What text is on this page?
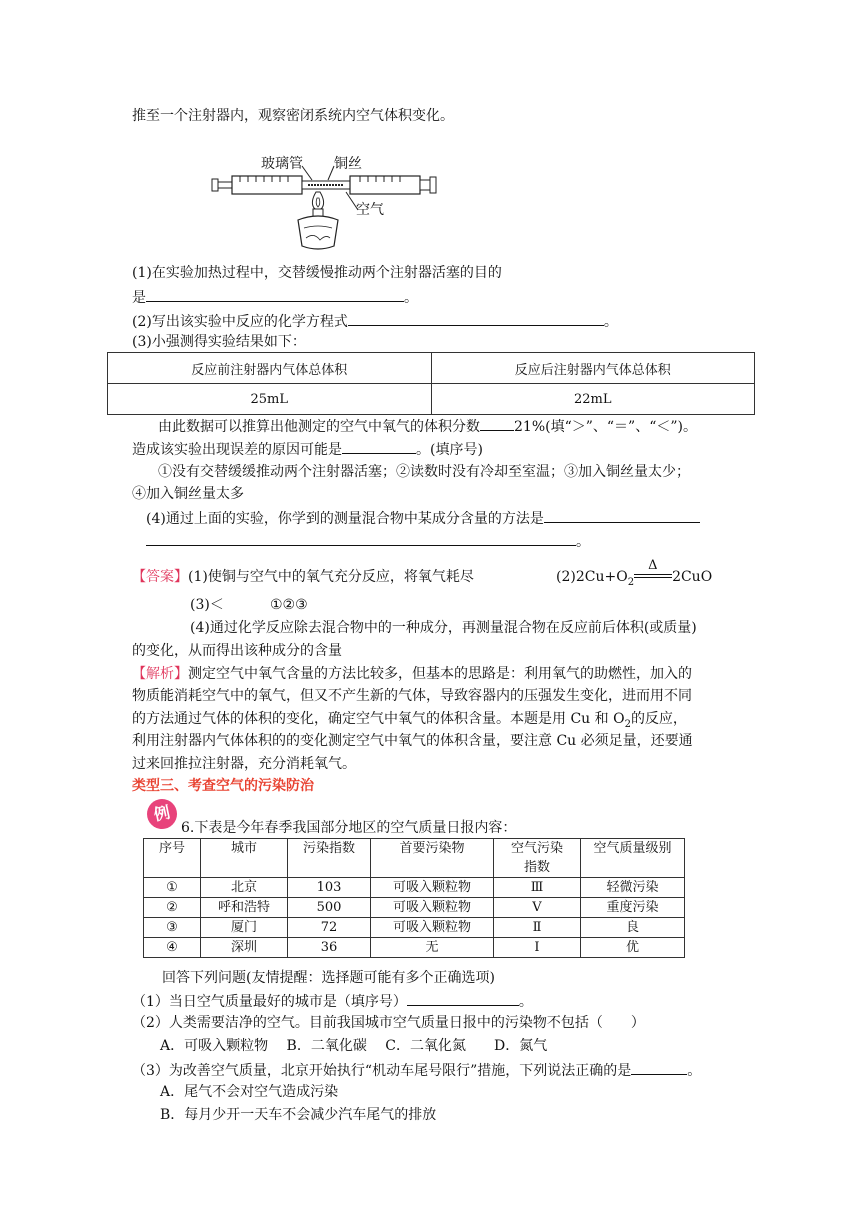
推至一个注射器内，观察密闭系统内空气体积变化。
玻璃管 铜丝
空气
(1)在实验加热过程中，交替缓慢推动两个注射器活塞的目的
是	。
(2)写出该实验中反应的化学方程式	。
(3)小强测得实验结果如下：
反应前注射器内气体总体积	反应后注射器内气体总体积
25mL	22mL
由此数据可以推算出他测定的空气中氧气的体积分数 21%(填“＞”、“＝”、“＜”)。
造成该实验出现误差的原因可能是	。(填序号)
①没有交替缓缓推动两个注射器活塞；②读数时没有冷却至室温；③加入铜丝量太少；
④加入铜丝量太多
(4)通过上面的实验，你学到的测量混合物中某成分含量的方法是
。
【答案】(1)使铜与空气中的氧气充分反应，将氧气耗尽	$(2)2Cu+O_2$
Δ
2CuO
(3)＜	①②③
(4)通过化学反应除去混合物中的一种成分，再测量混合物在反应前后体积(或质量)
的变化，从而得出该种成分的含量
【解析】测定空气中氧气含量的方法比较多，但基本的思路是：利用氧气的助燃性，加入的
物质能消耗空气中的氧气，但又不产生新的气体，导致容器内的压强发生变化，进而用不同
的方法通过气体的体积的变化，确定空气中氧气的体积含量。本题是用 Cu 和 $O_2$的反应，
利用注射器内气体体积的的变化测定空气中氧气的体积含量，要注意 Cu 必须足量，还要通
过来回推拉注射器，充分消耗氧气。
类型三、考查空气的污染防治
例
6.下表是今年春季我国部分地区的空气质量日报内容：
序号	城市	污染指数	首要污染物	空气污染
指数	空气质量级别
①	北京	103	可吸入颗粒物	Ⅲ	轻微污染
②	呼和浩特	500	可吸入颗粒物	Ⅴ	重度污染
③	厦门	72	可吸入颗粒物	Ⅱ	良
④	深圳	36	无	Ⅰ	优
回答下列问题(友情提醒：选择题可能有多个正确选项)
（1）当日空气质量最好的城市是（填序号）	。
（2）人类需要洁净的空气。目前我国城市空气质量日报中的污染物不包括（　　）
A．可吸入颗粒物　 B．二氧化碳　 C．二氧化氮　　D．氮气
（3）为改善空气质量，北京开始执行“机动车尾号限行”措施，下列说法正确的是	。
A．尾气不会对空气造成污染
B．每月少开一天车不会减少汽车尾气的排放
